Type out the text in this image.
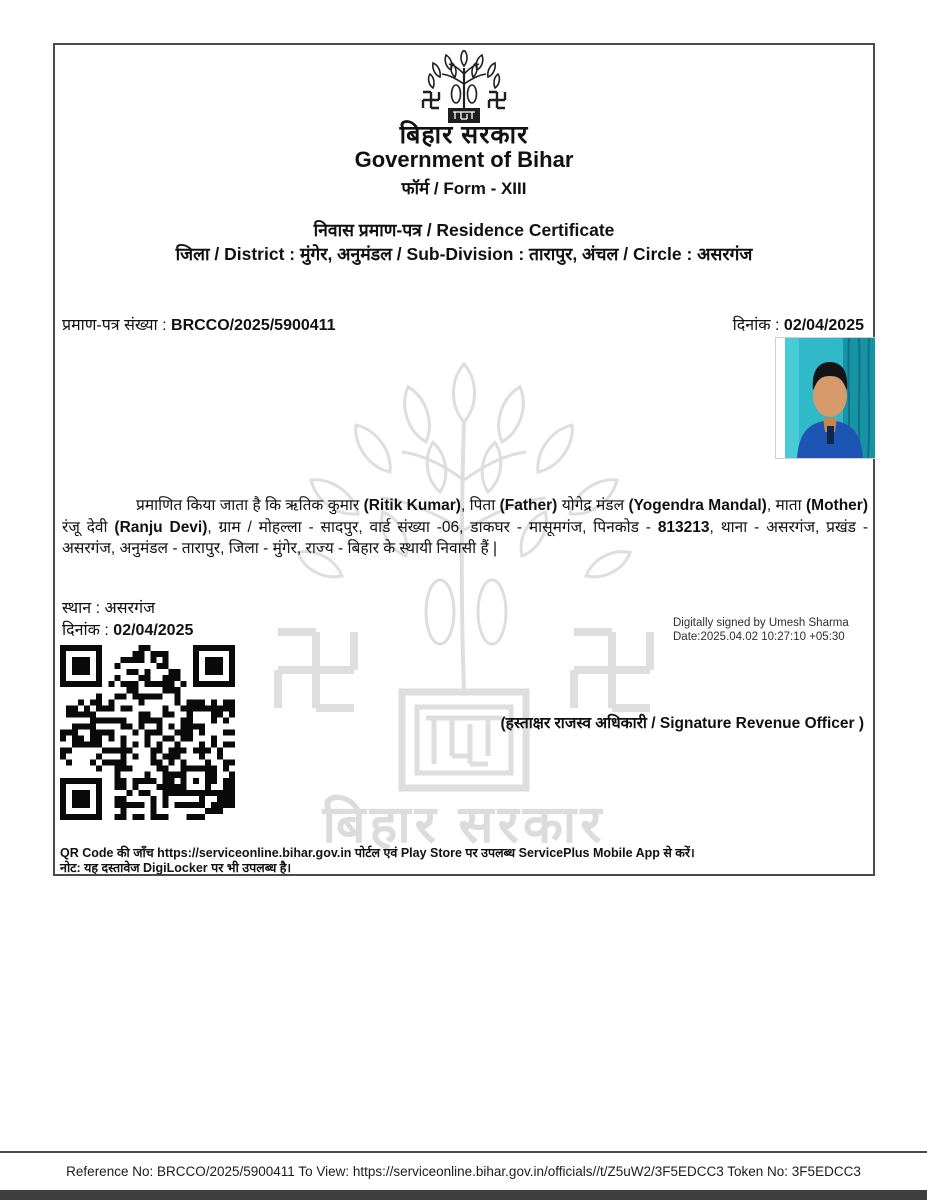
बिहार सरकार
Government of Bihar
फॉर्म / Form - XIII
निवास प्रमाण-पत्र / Residence Certificate
जिला / District : मुंगेर, अनुमंडल / Sub-Division : तारापुर, अंचल / Circle : असरगंज
प्रमाण-पत्र संख्या : BRCCO/2025/5900411	दिनांक : 02/04/2025
बिहार सरकार

प्रमाणित किया जाता है कि ऋतिक कुमार (Ritik Kumar), पिता (Father) योगेद्र मंडल (Yogendra Mandal), माता (Mother) रंजू देवी (Ranju Devi), ग्राम / मोहल्ला - सादपुर, वार्ड संख्या -06, डाकघर - मासूमगंज, पिनकोड - 813213, थाना - असरगंज, प्रखंड - असरगंज, अनुमंडल - तारापुर, जिला - मुंगेर, राज्य - बिहार के स्थायी निवासी हैं |

स्थान : असरगंज
दिनांक : 02/04/2025	Digitally signed by Umesh Sharma
Date:2025.04.02 10:27:10 +05:30
(हस्ताक्षर राजस्व अधिकारी / Signature Revenue Officer )
QR Code की जाँच https://serviceonline.bihar.gov.in पोर्टल एवं Play Store पर उपलब्ध ServicePlus Mobile App से करें।
नोट: यह दस्तावेज DigiLocker पर भी उपलब्ध है।
Reference No: BRCCO/2025/5900411 To View: https://serviceonline.bihar.gov.in/officials//t/Z5uW2/3F5EDCC3 Token No: 3F5EDCC3
